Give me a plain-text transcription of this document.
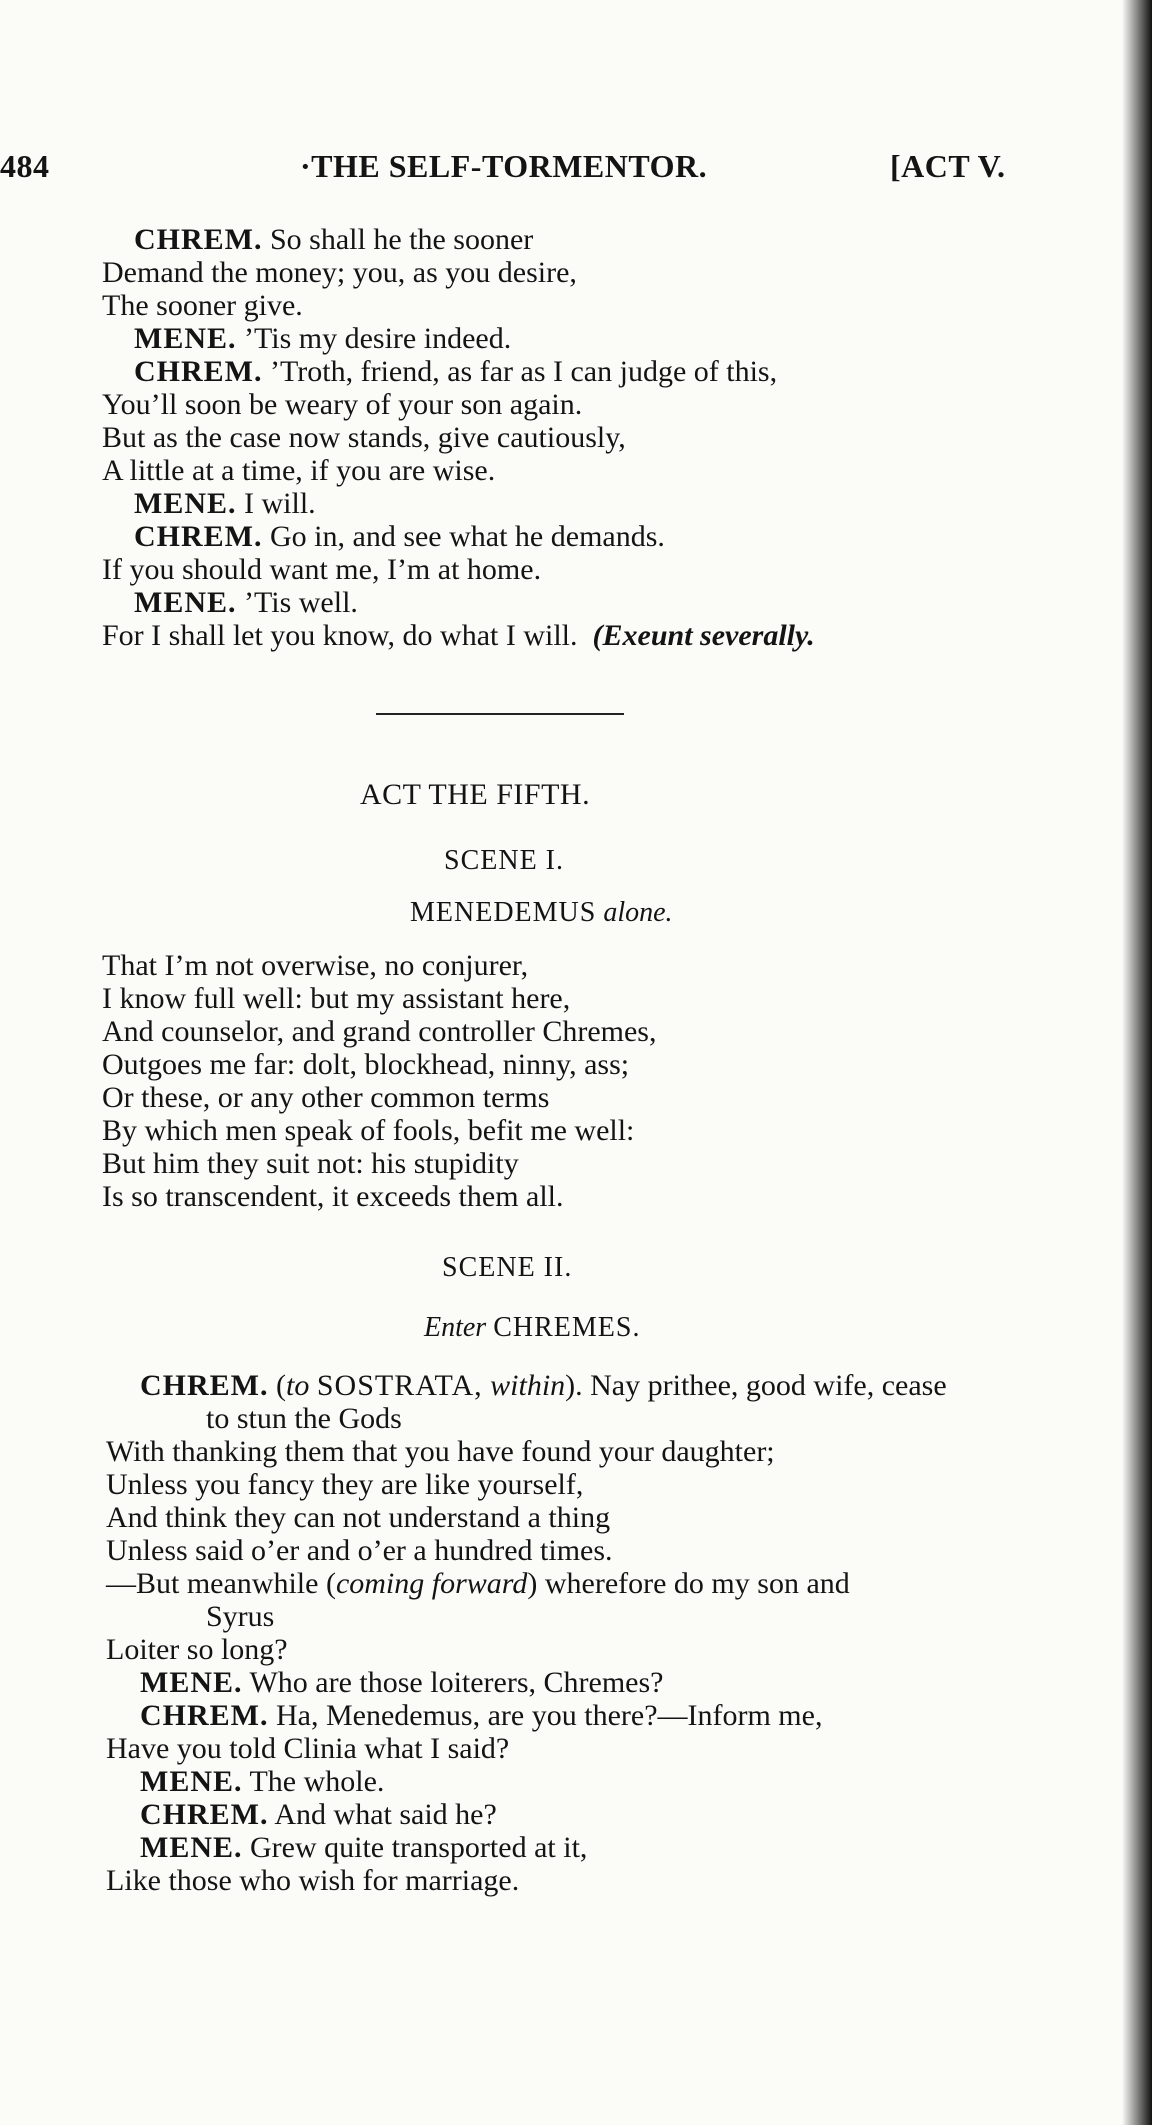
484	·THE SELF-TORMENTOR.	[ACT V.
CHREM. So shall he the sooner
Demand the money; you, as you desire,
The sooner give.
MENE. ’Tis my desire indeed.
CHREM. ’Troth, friend, as far as I can judge of this,
You’ll soon be weary of your son again.
But as the case now stands, give cautiously,
A little at a time, if you are wise.
MENE. I will.
CHREM. Go in, and see what he demands.
If you should want me, I’m at home.
MENE. ’Tis well.
For I shall let you know, do what I will. (Exeunt severally.
ACT THE FIFTH.
SCENE I.
MENEDEMUS alone.
That I’m not overwise, no conjurer,
I know full well: but my assistant here,
And counselor, and grand controller Chremes,
Outgoes me far: dolt, blockhead, ninny, ass;
Or these, or any other common terms
By which men speak of fools, befit me well:
But him they suit not: his stupidity
Is so transcendent, it exceeds them all.
SCENE II.
Enter CHREMES.
CHREM. (to SOSTRATA, within). Nay prithee, good wife, cease
to stun the Gods
With thanking them that you have found your daughter;
Unless you fancy they are like yourself,
And think they can not understand a thing
Unless said o’er and o’er a hundred times.
—But meanwhile (coming forward) wherefore do my son and
Syrus
Loiter so long?
MENE. Who are those loiterers, Chremes?
CHREM. Ha, Menedemus, are you there?—Inform me,
Have you told Clinia what I said?
MENE. The whole.
CHREM. And what said he?
MENE. Grew quite transported at it,
Like those who wish for marriage.
